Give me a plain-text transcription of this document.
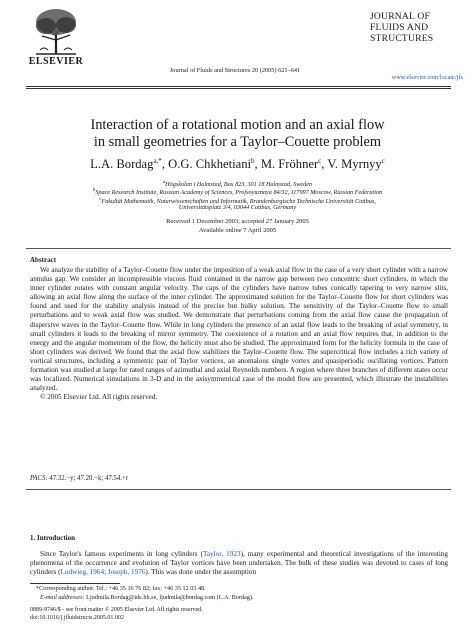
ELSEVIER
Journal of Fluids and Structures 20 (2005) 621–641
JOURNAL OF
FLUIDS AND
STRUCTURES
www.elsevier.com/locate/jfs
Interaction of a rotational motion and an axial flow
in small geometries for a Taylor–Couette problem
L.A. Bordag$^{a,*}$, O.G. Chkhetiani$^b$, M. Fröhner$^c$, V. Myrnyy$^c$
$^a$Högskolan i Halmstad, Box 823, 301 18 Halmstad, Sweden
$^b$Space Research Institute, Russian Academy of Sciences, Profsoyuznaya 84/32, 117997 Moscow, Russian Federation
$^c$Fakultät Mathematik, Naturwissenschaften und Informatik, Brandenburgische Technische Universität Cottbus,
Universitätsplatz 3/4, 03044 Cottbus, Germany
Received 1 December 2003; accepted 27 January 2005
Available online 7 April 2005
Abstract
We analyze the stability of a Taylor–Couette flow under the imposition of a weak axial flow in the case of a very short cylinder with a narrow annulus gap. We consider an incompressible viscous fluid contained in the narrow gap between two concentric short cylinders, in which the inner cylinder rotates with constant angular velocity. The caps of the cylinders have narrow tubes conically tapering to very narrow slits, allowing an axial flow along the surface of the inner cylinder. The approximated solution for the Taylor–Couette flow for short cylinders was found and used for the stability analysis instead of the precise but bulky solution. The sensitivity of the Taylor–Couette flow to small perturbations and to weak axial flow was studied. We demonstrate that perturbations coming from the axial flow cause the propagation of dispersive waves in the Taylor–Couette flow. While in long cylinders the presence of an axial flow leads to the breaking of axial symmetry, in small cylinders it leads to the breaking of mirror symmetry. The coexistence of a rotation and an axial flow requires that, in addition to the energy and the angular momentum of the flow, the helicity must also be studied. The approximated form for the helicity formula in the case of short cylinders was derived. We found that the axial flow stabilizes the Taylor–Couette flow. The supercritical flow includes a rich variety of vortical structures, including a symmetric pair of Taylor vortices, an anomalous single vortex and quasiperiodic oscillating vortices. Pattern formation was studied at large for rated ranges of azimuthal and axial Reynolds numbers. A region where three branches of different states occur was localized. Numerical simulations in 3-D and in the axisymmetrical case of the model flow are presented, which illustrate the instabilities analyzed.
© 2005 Elsevier Ltd. All rights reserved.
PACS: 47.32.−y; 47.20.−k; 47.54.+r
1. Introduction
Since Taylor's famous experiments in long cylinders (Taylor, 1923), many experimental and theoretical investigations of the interesting phenomena of the occurrence and evolution of Taylor vortices have been undertaken. The bulk of these studies was devoted to cases of long cylinders (Ludwieg, 1964; Joseph, 1976). This was done under the assumption
*Corresponding author. Tel.: +46 35 16 76 82; fax: +46 35 12 03 48.
E-mail addresses: Ljudmila.Bordag@ide.hh.se, ljudmila@bordag.com (L.A. Bordag).
0889-9746/$ - see front matter © 2005 Elsevier Ltd. All rights reserved.
doi:10.1016/j.jfluidstructs.2005.01.002
